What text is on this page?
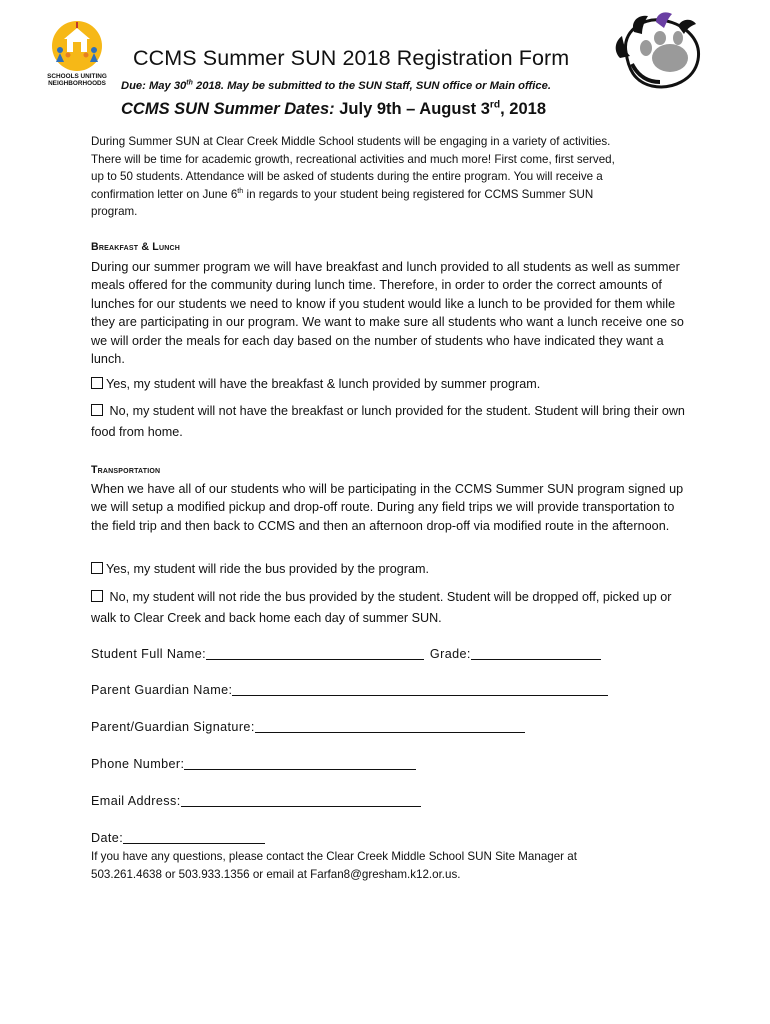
SCHOOLS UNITING
NEIGHBORHOODS
CCMS Summer SUN 2018 Registration Form
Due: May 30th 2018. May be submitted to the SUN Staff, SUN office or Main office.
CCMS SUN Summer Dates: July 9th – August 3rd, 2018
During Summer SUN at Clear Creek Middle School students will be engaging in a variety of activities.
There will be time for academic growth, recreational activities and much more! First come, first served,
up to 50 students. Attendance will be asked of students during the entire program. You will receive a
confirmation letter on June 6th in regards to your student being registered for CCMS Summer SUN
program.
Breakfast & Lunch
During our summer program we will have breakfast and lunch provided to all students as well as summer meals offered for the community during lunch time. Therefore, in order to order the correct amounts of lunches for our students we need to know if you student would like a lunch to be provided for them while they are participating in our program. We want to make sure all students who want a lunch receive one so we will order the meals for each day based on the number of students who have indicated they want a lunch.
Yes, my student will have the breakfast & lunch provided by summer program.
No, my student will not have the breakfast or lunch provided for the student. Student will bring their own food from home.
Transportation
When we have all of our students who will be participating in the CCMS Summer SUN program signed up we will setup a modified pickup and drop-off route. During any field trips we will provide transportation to the field trip and then back to CCMS and then an afternoon drop-off via modified route in the afternoon.
Yes, my student will ride the bus provided by the program.
No, my student will not ride the bus provided by the student. Student will be dropped off, picked up or walk to Clear Creek and back home each day of summer SUN.
Student Full Name:	Grade:
Parent Guardian Name:
Parent/Guardian Signature:
Phone Number:
Email Address:
Date:
If you have any questions, please contact the Clear Creek Middle School SUN Site Manager at
503.261.4638 or 503.933.1356 or email at Farfan8@gresham.k12.or.us.
